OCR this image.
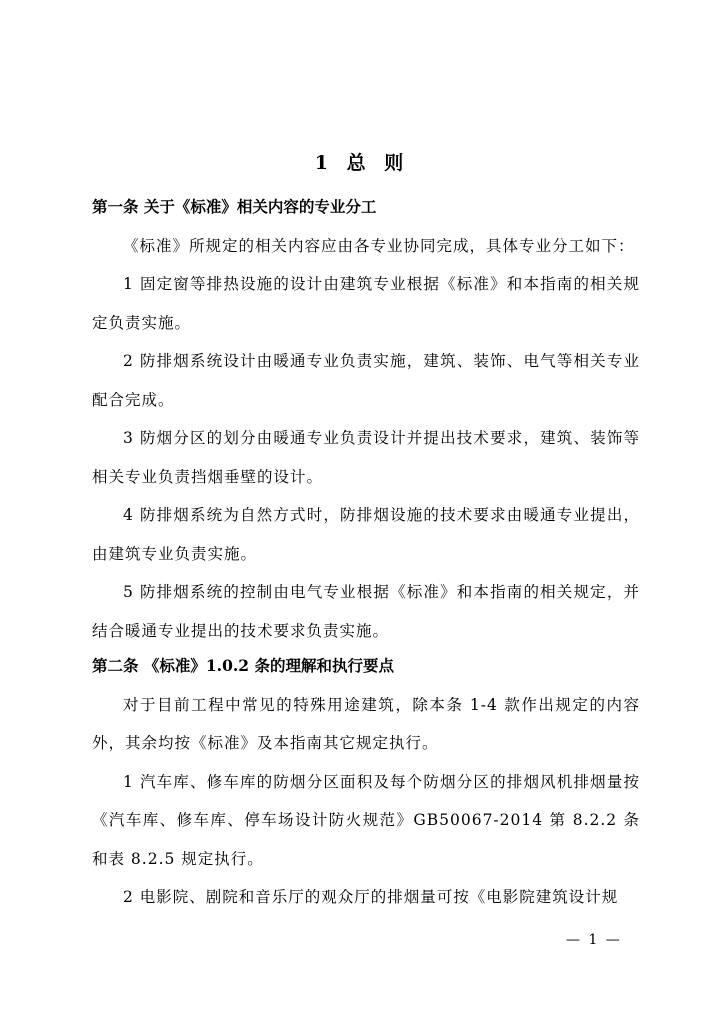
1 总 则

第一条 关于《标准》相关内容的专业分工

《标准》所规定的相关内容应由各专业协同完成，具体专业分工如下：

1 固定窗等排热设施的设计由建筑专业根据《标准》和本指南的相关规定负责实施。

2 防排烟系统设计由暖通专业负责实施，建筑、装饰、电气等相关专业配合完成。

3 防烟分区的划分由暖通专业负责设计并提出技术要求，建筑、装饰等相关专业负责挡烟垂壁的设计。

4 防排烟系统为自然方式时，防排烟设施的技术要求由暖通专业提出，由建筑专业负责实施。

5 防排烟系统的控制由电气专业根据《标准》和本指南的相关规定，并结合暖通专业提出的技术要求负责实施。

第二条 《标准》1.0.2 条的理解和执行要点

对于目前工程中常见的特殊用途建筑，除本条 1-4 款作出规定的内容外，其余均按《标准》及本指南其它规定执行。

1 汽车库、修车库的防烟分区面积及每个防烟分区的排烟风机排烟量按《汽车库、修车库、停车场设计防火规范》GB50067-2014 第 8.2.2 条和表 8.2.5 规定执行。

2 电影院、剧院和音乐厅的观众厅的排烟量可按《电影院建筑设计规

— 1 —
